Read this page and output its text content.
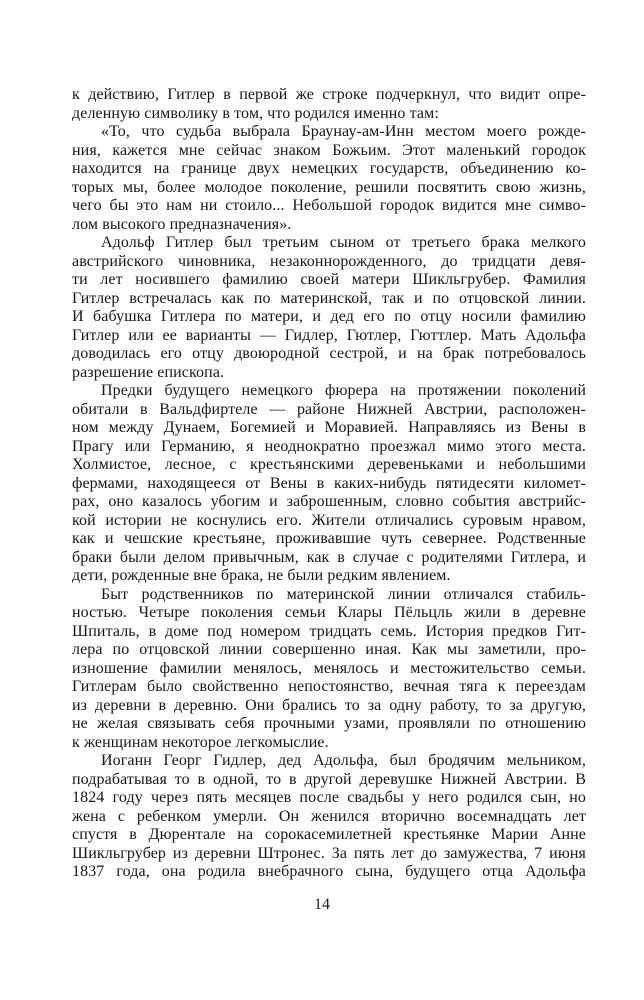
к действию, Гитлер в первой же строке подчеркнул, что видит опре-
деленную символику в том, что родился именно там:
«То, что судьба выбрала Браунау-ам-Инн местом моего рожде-
ния, кажется мне сейчас знаком Божьим. Этот маленький городок
находится на границе двух немецких государств, объединению ко-
торых мы, более молодое поколение, решили посвятить свою жизнь,
чего бы это нам ни стоило... Небольшой городок видится мне симво-
лом высокого предназначения».
Адольф Гитлер был третьим сыном от третьего брака мелкого
австрийского чиновника, незаконнорожденного, до тридцати девя-
ти лет носившего фамилию своей матери Шикльгрубер. Фамилия
Гитлер встречалась как по материнской, так и по отцовской линии.
И бабушка Гитлера по матери, и дед его по отцу носили фамилию
Гитлер или ее варианты — Гидлер, Гютлер, Гюттлер. Мать Адольфа
доводилась его отцу двоюродной сестрой, и на брак потребовалось
разрешение епископа.
Предки будущего немецкого фюрера на протяжении поколений
обитали в Вальдфиртеле — районе Нижней Австрии, расположен-
ном между Дунаем, Богемией и Моравией. Направляясь из Вены в
Прагу или Германию, я неоднократно проезжал мимо этого места.
Холмистое, лесное, с крестьянскими деревеньками и небольшими
фермами, находящееся от Вены в каких-нибудь пятидесяти километ-
рах, оно казалось убогим и заброшенным, словно события австрийс-
кой истории не коснулись его. Жители отличались суровым нравом,
как и чешские крестьяне, проживавшие чуть севернее. Родственные
браки были делом привычным, как в случае с родителями Гитлера, и
дети, рожденные вне брака, не были редким явлением.
Быт родственников по материнской линии отличался стабиль-
ностью. Четыре поколения семьи Клары Пёльцль жили в деревне
Шпиталь, в доме под номером тридцать семь. История предков Гит-
лера по отцовской линии совершенно иная. Как мы заметили, про-
изношение фамилии менялось, менялось и местожительство семьи.
Гитлерам было свойственно непостоянство, вечная тяга к переездам
из деревни в деревню. Они брались то за одну работу, то за другую,
не желая связывать себя прочными узами, проявляли по отношению
к женщинам некоторое легкомыслие.
Иоганн Георг Гидлер, дед Адольфа, был бродячим мельником,
подрабатывая то в одной, то в другой деревушке Нижней Австрии. В
1824 году через пять месяцев после свадьбы у него родился сын, но
жена с ребенком умерли. Он женился вторично восемнадцать лет
спустя в Дюрентале на сорокасемилетней крестьянке Марии Анне
Шикльгрубер из деревни Штронес. За пять лет до замужества, 7 июня
1837 года, она родила внебрачного сына, будущего отца Адольфа
14
